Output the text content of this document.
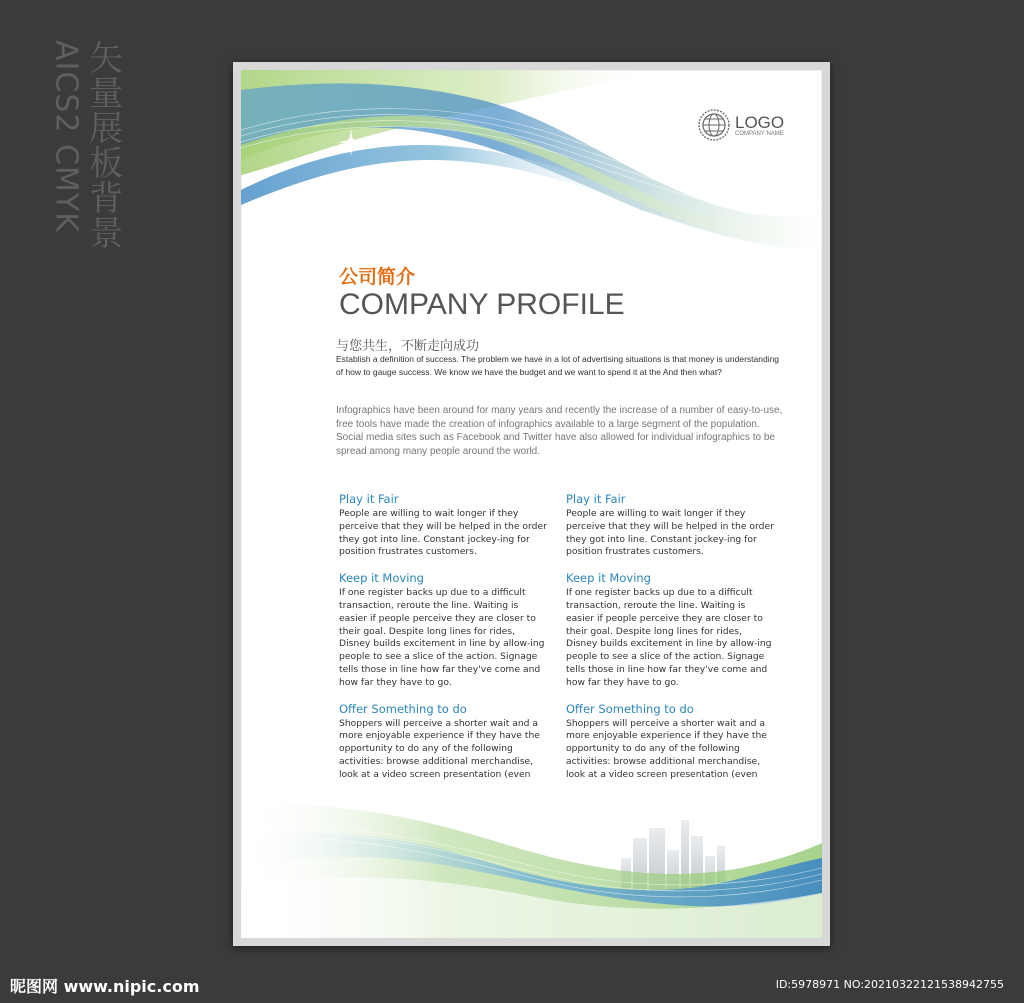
矢量展板背景
AICS2 CMYK	LOGO
COMPANY NAME
公司简介
COMPANY PROFILE
与您共生，不断走向成功
Establish a definition of success. The problem we have in a lot of advertising situations is that money is understanding of how to gauge success. We know we have the budget and we want to spend it at the And then what?
Infographics have been around for many years and recently the increase of a number of easy-to-use, free tools have made the creation of infographics available to a large segment of the population. Social media sites such as Facebook and Twitter have also allowed for individual infographics to be spread among many people around the world.
Play it Fair
People are willing to wait longer if they perceive that they will be helped in the order they got into line. Constant jockey-ing for position frustrates customers.
Keep it Moving
If one register backs up due to a difficult transaction, reroute the line. Waiting is easier if people perceive they are closer to their goal. Despite long lines for rides, Disney builds excitement in line by allow-ing people to see a slice of the action. Signage tells those in line how far they've come and how far they have to go.
Offer Something to do
Shoppers will perceive a shorter wait and a more enjoyable experience if they have the opportunity to do any of the following activities: browse additional merchandise, look at a video screen presentation (even
Play it Fair
People are willing to wait longer if they perceive that they will be helped in the order they got into line. Constant jockey-ing for position frustrates customers.
Keep it Moving
If one register backs up due to a difficult transaction, reroute the line. Waiting is easier if people perceive they are closer to their goal. Despite long lines for rides, Disney builds excitement in line by allow-ing people to see a slice of the action. Signage tells those in line how far they've come and how far they have to go.
Offer Something to do
Shoppers will perceive a shorter wait and a more enjoyable experience if they have the opportunity to do any of the following activities: browse additional merchandise, look at a video screen presentation (even
昵图网 www.nipic.com	ID:5978971 NO:20210322121538942755
